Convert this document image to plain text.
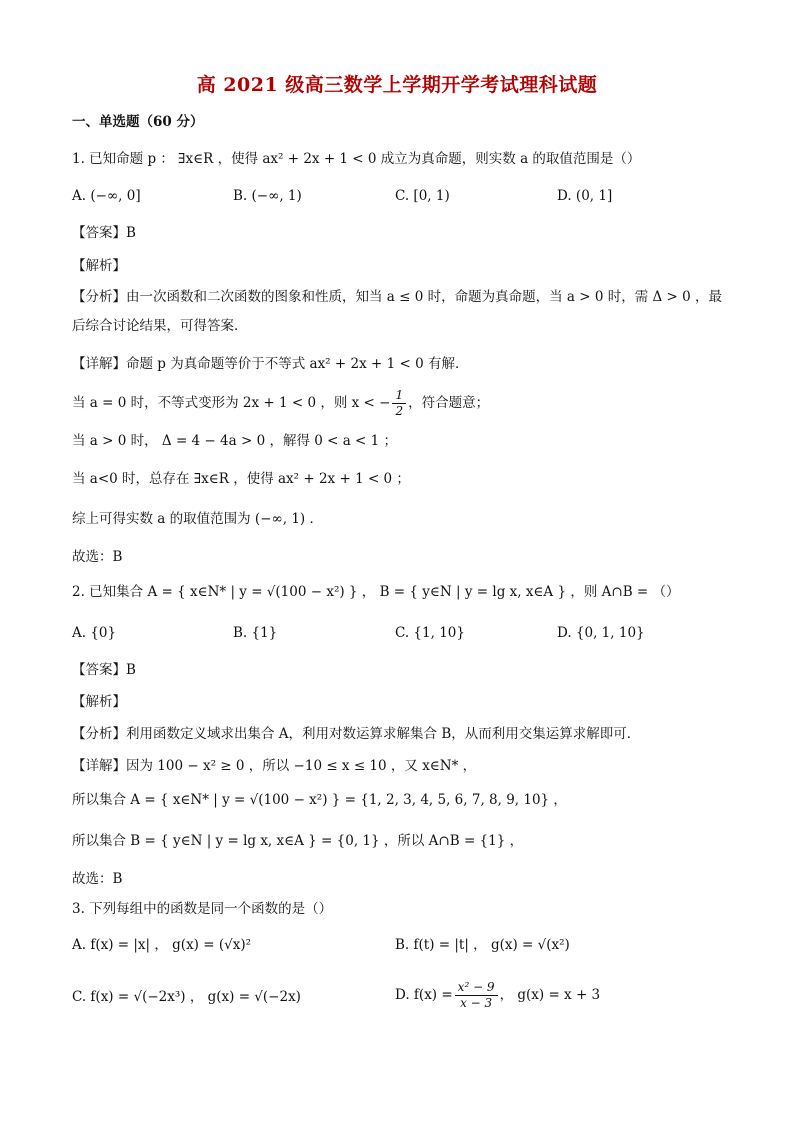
高 2021 级高三数学上学期开学考试理科试题
一、单选题（60 分）
1. 已知命题 p ： ∃x∈R ，使得 ax² + 2x + 1 < 0 成立为真命题，则实数 a 的取值范围是（）
A. (−∞, 0]	B. (−∞, 1)	C. [0, 1)	D. (0, 1]
【答案】B
【解析】
【分析】由一次函数和二次函数的图象和性质，知当 a ≤ 0 时，命题为真命题，当 a > 0 时，需 Δ > 0 ，最
后综合讨论结果，可得答案．
【详解】命题 p 为真命题等价于不等式 ax² + 2x + 1 < 0 有解．
当 a = 0 时，不等式变形为 2x + 1 < 0 ，则 x < − $\frac{1}{2}$ ，符合题意；
当 a > 0 时， Δ = 4 − 4a > 0 ，解得 0 < a < 1 ；
当 a<0 时，总存在 ∃x∈R ，使得 ax² + 2x + 1 < 0 ；
综上可得实数 a 的取值范围为 (−∞, 1) ．
故选：B
2. 已知集合 A = { x∈N* | y = √(100 − x²) } ， B = { y∈N | y = lg x, x∈A } ，则 A∩B = （）
A. {0}	B. {1}	C. {1, 10}	D. {0, 1, 10}
【答案】B
【解析】
【分析】利用函数定义域求出集合 A，利用对数运算求解集合 B，从而利用交集运算求解即可．
【详解】因为 100 − x² ≥ 0 ，所以 −10 ≤ x ≤ 10 ，又 x∈N* ，
所以集合 A = { x∈N* | y = √(100 − x²) } = {1, 2, 3, 4, 5, 6, 7, 8, 9, 10} ，
所以集合 B = { y∈N | y = lg x, x∈A } = {0, 1} ，所以 A∩B = {1} ，
故选：B
3. 下列每组中的函数是同一个函数的是（）
A. f(x) = |x| ， g(x) = (√x)²	B. f(t) = |t| ， g(x) = √(x²)
C. f(x) = √(−2x³) ， g(x) = √(−2x)	D. $f(x) = \frac{\text{x² − 9}}{x - 3}$ ， g(x) = x + 3
